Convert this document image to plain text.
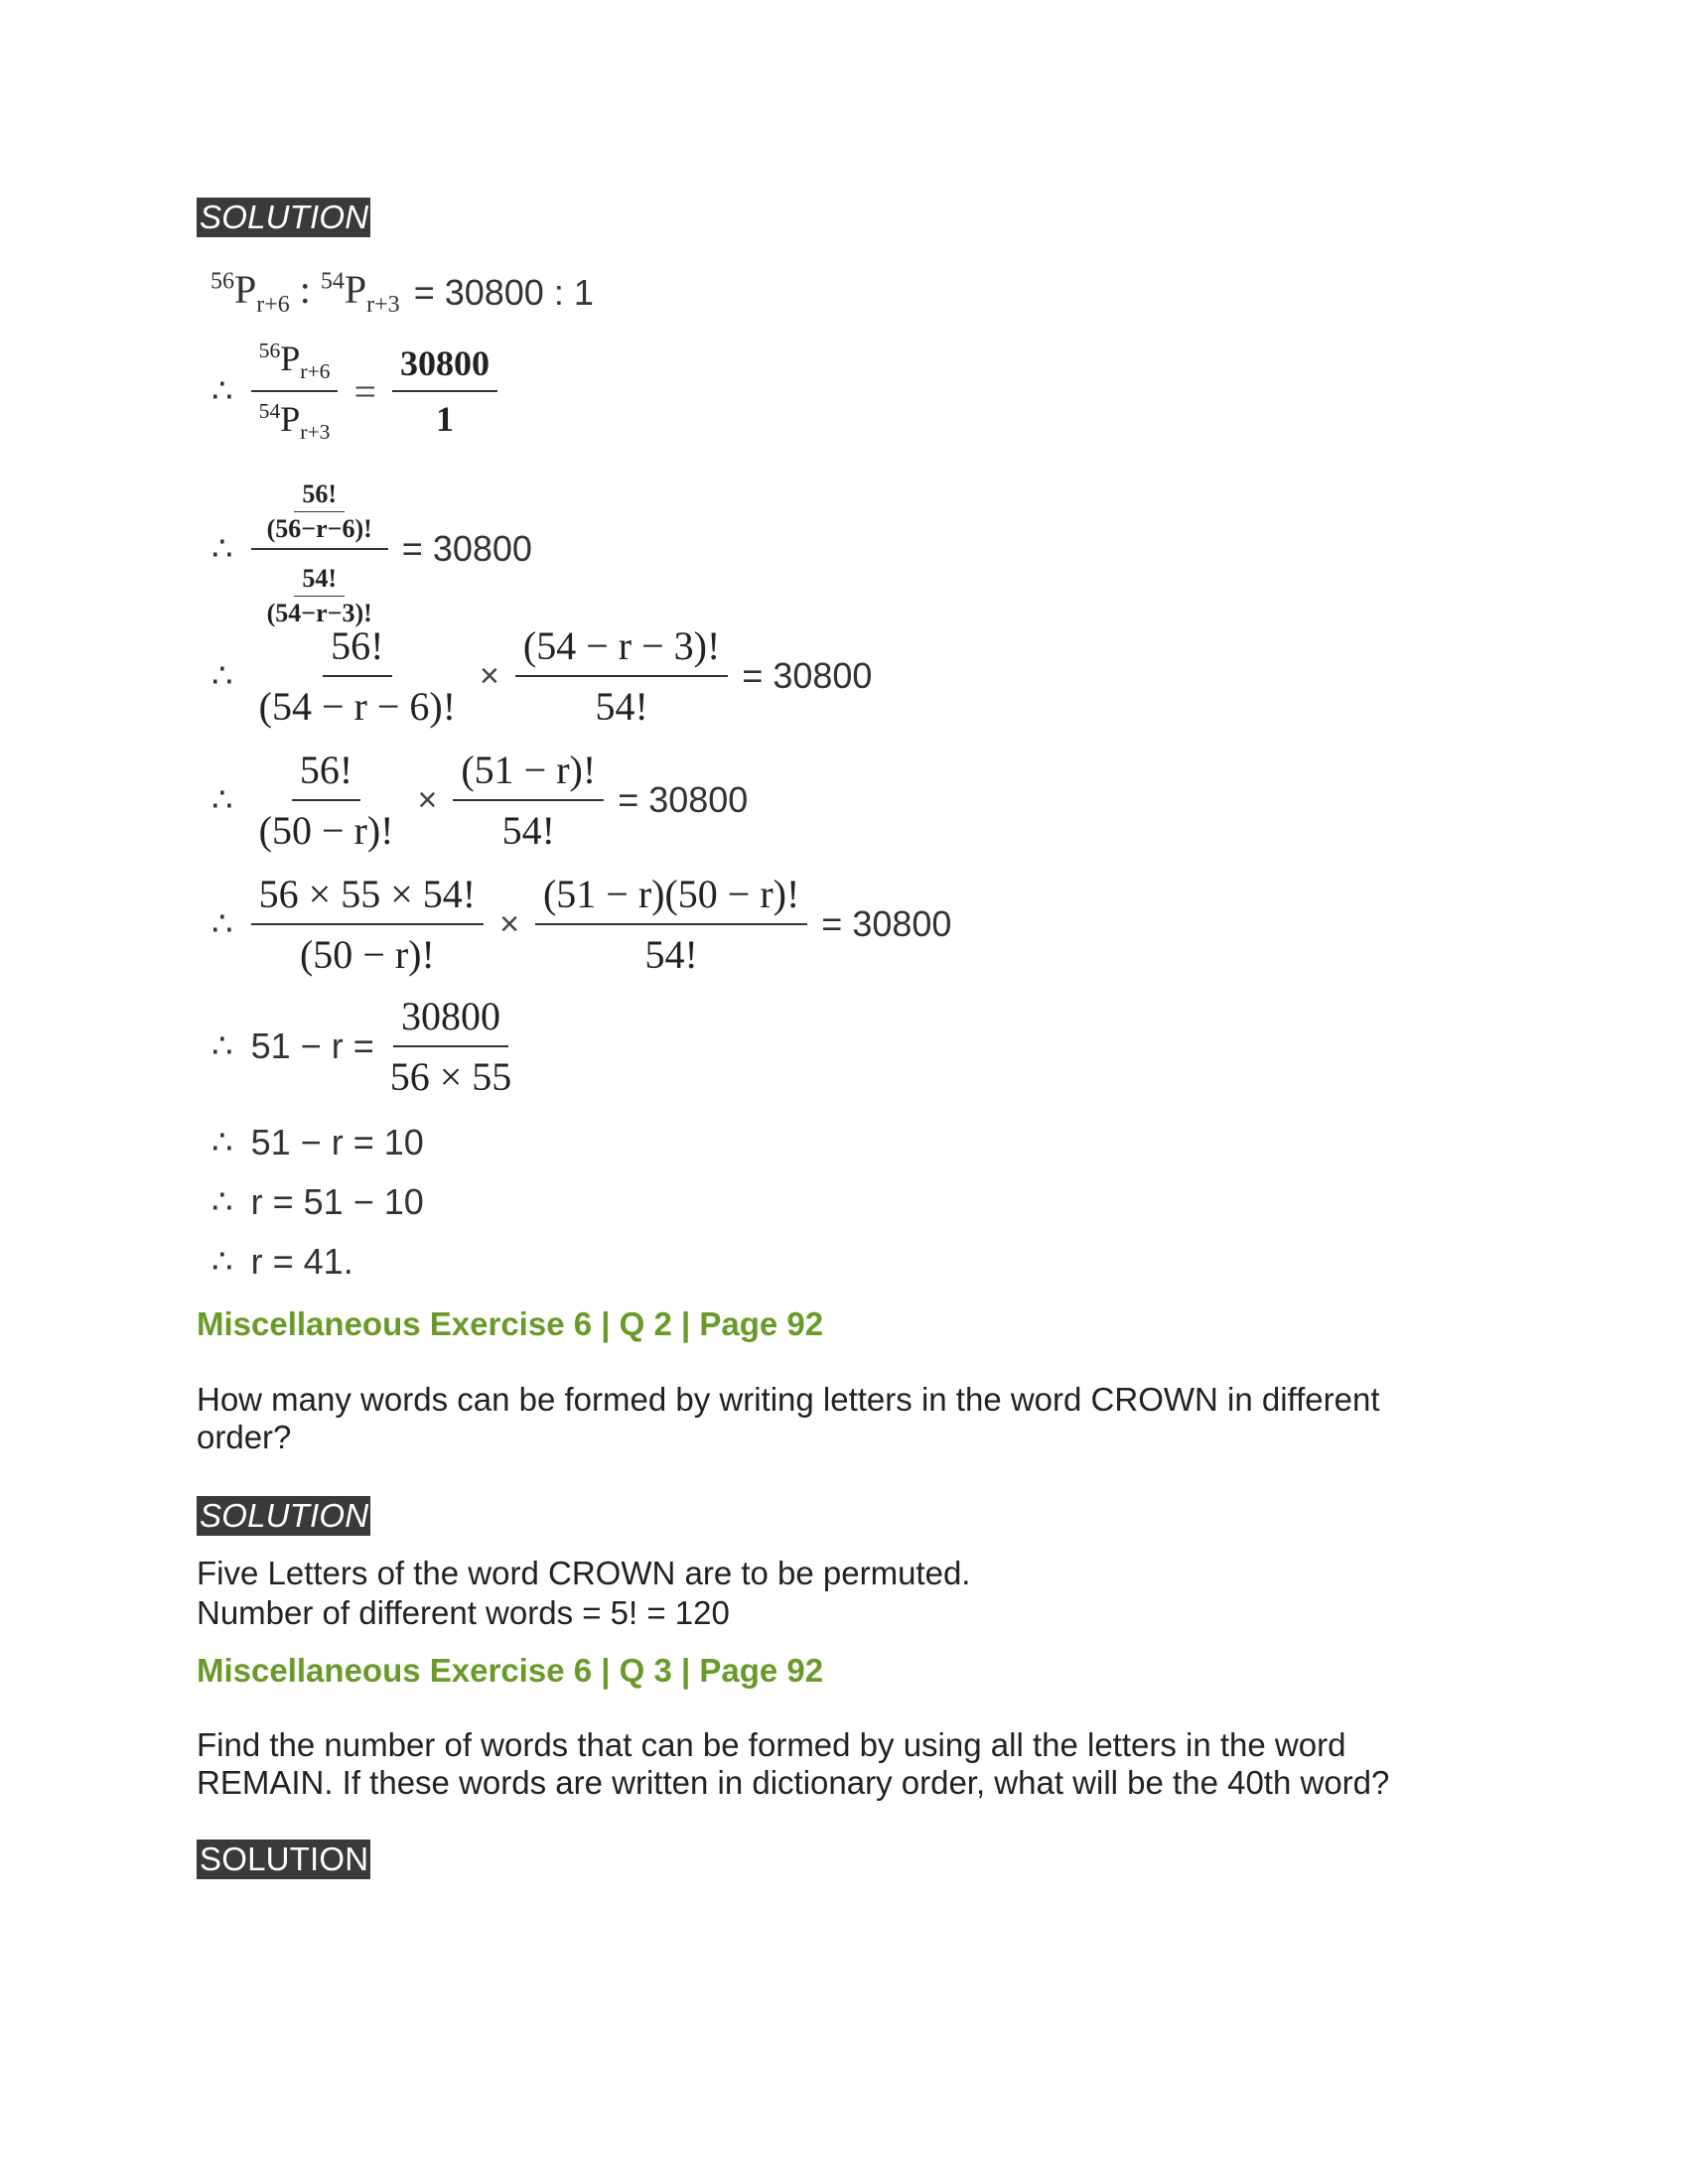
SOLUTION
$^{56}P_{r+6}$ : $^{54}P_{r+3} = 30800$ : 1
∴ $\frac{^{56}P_{r+6}}{^{54}P_{r+3}} = \frac{30800}{1}$
∴ $\frac{\frac{56!}{(56-r-6)!}}{\frac{54!}{(54-r-3)!}} = 30800$
∴ $\frac{56!}{(54 - r - 6)!} \times \frac{(54 - r - 3)!}{54!} = 30800$
∴ $\frac{56!}{(50 - r)!} \times \frac{(51 - r)!}{54!} = 30800$
∴ $\frac{56 \times 55 \times 54!}{(50 - r)!} \times \frac{(51 - r)(50 - r)!}{54!} = 30800$
∴ $51 - r = \frac{30800}{56 \times 55}$
∴ 51 − r = 10
∴ r = 51 − 10
∴ r = 41.
Miscellaneous Exercise 6 | Q 2 | Page 92
How many words can be formed by writing letters in the word CROWN in different order?
SOLUTION
Five Letters of the word CROWN are to be permuted.
Number of different words = 5! = 120
Miscellaneous Exercise 6 | Q 3 | Page 92
Find the number of words that can be formed by using all the letters in the word REMAIN. If these words are written in dictionary order, what will be the 40th word?
SOLUTION
